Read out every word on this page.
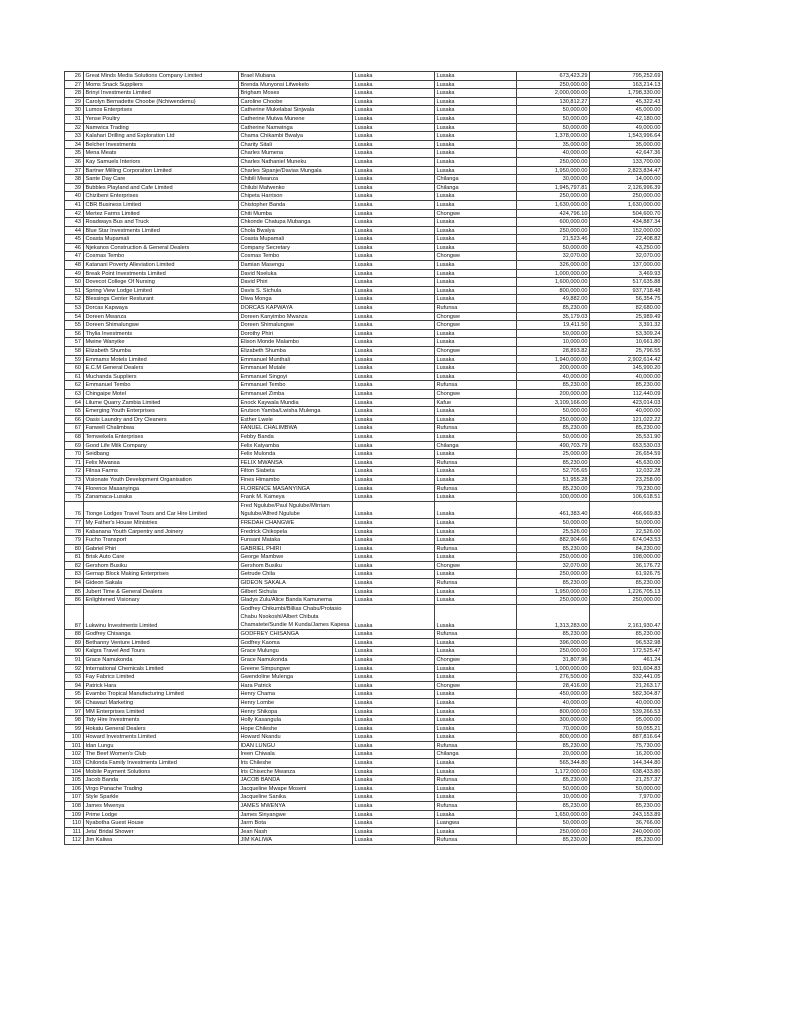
26	Great Minds Media Solutions Company Limited	Brael Mubana	Lusaka	Lusaka	673,423.29	795,252.69
27	Moms Snack Suppliers	Brenda Munyonsi Lifwekelo	Lusaka	Lusaka	250,000.00	163,214.13
28	Brinyi Investments Limited	Brigham Moses	Lusaka	Lusaka	2,000,000.00	1,798,330.00
29	Carolyn Bernadette Choobe (Nchiwendemu)	Caroline Choobe	Lusaka	Lusaka	130,812.27	45,322.43
30	Lumos Enterprises	Catherine Mukelabai Sinjwala	Lusaka	Lusaka	50,000.00	45,000.00
31	Yense Poultry	Catherine Mutwa Munene	Lusaka	Lusaka	50,000.00	42,180.00
32	Namwica Trading	Catherine Namwinga	Lusaka	Lusaka	50,000.00	49,000.00
33	Kalahari Drilling and Exploration Ltd	Chama Chikambi Bwalya	Lusaka	Lusaka	1,378,000.00	1,543,996.64
34	Belcher Investments	Charity Sitali	Lusaka	Lusaka	35,000.00	35,000.00
35	Mena Meats	Charles Mumena	Lusaka	Lusaka	40,000.00	42,647.36
36	Kay Samuels Interiors	Charles Nathaniel Muneku	Lusaka	Lusaka	250,000.00	133,700.00
37	Bartner Milling Corporation Limited	Charles Sipanje/Davias Mungala	Lusaka	Lusaka	1,950,000.00	2,823,834.47
38	Sante Day Care	Chibili Mwanza	Lusaka	Chilanga	30,000.00	14,000.00
39	Bubbles Playland and Cafe Limited	Chilubi Mafwenko	Lusaka	Chilanga	1,945,797.81	2,126,996.39
40	Chizibeni Enterprises	Chipeta Harrison	Lusaka	Lusaka	250,000.00	250,000.00
41	CBR Business Limited	Chistopher Banda	Lusaka	Lusaka	1,630,000.00	1,630,000.00
42	Mertez Farms Limited	Chiti Mumba	Lusaka	Chongwe	424,796.10	504,600.70
43	Roadways Bus and Truck	Chkonde Chatupa Mubanga	Lusaka	Lusaka	600,000.00	434,887.34
44	Blue Star Investments Limited	Chola Bwalya	Lusaka	Lusaka	250,000.00	152,000.00
45	Coasta Mupamali	Coasta Mupamali	Lusaka	Lusaka	21,523.46	22,408.82
46	Njekanos Construction & General Dealers	Company Secretary	Lusaka	Lusaka	50,000.00	43,250.00
47	Cosmas Tembo	Cosmas Tembo	Lusaka	Chongwe	32,070.00	32,070.00
48	Katanani Poverty Alleviation Limited	Damian Masengu	Lusaka	Lusaka	326,000.00	137,000.00
49	Break Point Investments Limited	David Nseluka	Lusaka	Lusaka	1,000,000.00	3,469.93
50	Dovecot College Of Nursing	David Phiri	Lusaka	Lusaka	1,600,000.00	517,635.88
51	Spring View Lodge Limited	Davis S. Sichula	Lusaka	Lusaka	800,000.00	937,718.48
52	Blessings Center Resturant	Diwa Monga	Lusaka	Lusaka	49,882.00	56,354.75
53	Dorcas Kapwaya	DORCAS KAPWAYA	Lusaka	Rufunsa	85,230.00	82,680.00
54	Doreen Mwanza	Doreen Kanyimbo Mwanza	Lusaka	Chongwe	35,179.03	25,989.49
55	Doreen Shimalungwe	Doreen Shimalungwe	Lusaka	Chongwe	19,411.50	3,391.32
56	Thylia Investments	Dorothy Phiri	Lusaka	Lusaka	50,000.00	53,309.24
57	Mwine Wanyike	Elison Monde Malambo	Lusaka	Lusaka	10,000.00	10,661.80
58	Elizabeth Shumba	Elizabeth Shumba	Lusaka	Chongwe	28,893.82	25,796.55
59	Emmams Motels Limited	Emmanuel Munthali	Lusaka	Lusaka	1,940,000.00	2,902,614.42
60	E.C.M General Dealers	Emmanuel Mutale	Lusaka	Lusaka	200,000.00	145,990.20
61	Muchanda Suppliers	Emmanuel Singoyi	Lusaka	Lusaka	40,000.00	40,000.00
62	Emmanuel Tembo	Emmanuel Tembo	Lusaka	Rufunsa	85,230.00	85,230.00
63	Chingaipe Motel	Emmanuel Zimba	Lusaka	Chongwe	200,000.00	112,440.09
64	Lilume Quarry Zambia Limited	Enock Kaywala Mundia	Lusaka	Kafue	3,109,166.00	423,014.03
65	Emerging Youth Enterprises	Erutson Yamba/Lwisha Mulenga	Lusaka	Lusaka	50,000.00	40,000.00
66	Oasis Laundry and Dry Cleaners	Esther Lwele	Lusaka	Lusaka	250,000.00	121,022.22
67	Fanwell Chalimbwa	FANUEL CHALIMBWA	Lusaka	Rufunsa	85,230.00	85,230.00
68	Temwekela Enterprises	Febby Banda	Lusaka	Lusaka	50,000.00	35,531.90
69	Good Life Milk Company	Felix Katyamba	Lusaka	Chilanga	490,703.79	653,530.03
70	Seidbang	Felix Mulonda	Lusaka	Lusaka	25,000.00	26,654.59
71	Felix Mwansa	FELIX MWANSA	Lusaka	Rufunsa	85,230.00	45,630.00
72	Filnsa Farms	Filton Siabeta	Lusaka	Lusaka	52,705.65	12,032.28
73	Visionate Youth Development Organisation	Fines Himambo	Lusaka	Lusaka	51,955.28	23,258.00
74	Florence Masanyinga	FLORENCE MASANYINGA	Lusaka	Rufunsa	85,230.00	79,230.00
75	Zanamaca-Lusaka	Frank M. Kameya	Lusaka	Lusaka	100,000.00	106,618.51
76	Tionge Lodges Travel Tours and Car Hire Limited	Fred Ngulube/Paul Ngulube/Mirriam Ngulube/Alfred Ngulube	Lusaka	Lusaka	461,383.40	466,669.83
77	My Father's House Ministries	FREDAH CHANGWE	Lusaka	Lusaka	50,000.00	50,000.00
78	Kabanana Youth Carpentry and Joinery	Fredrick Chikopela	Lusaka	Lusaka	25,526.00	22,526.00
79	Fucho Transport	Funsani Mataka	Lusaka	Lusaka	882,904.66	674,043.53
80	Gabriel Phiri	GABRIEL PHIRI	Lusaka	Rufunsa	85,230.00	84,230.00
81	Brisk Auto Care	George Mambwe	Lusaka	Lusaka	250,000.00	198,000.00
82	Gershom Busiku	Gershom Busiku	Lusaka	Chongwe	32,070.00	36,176.72
83	Gernap Block Making Enterprises	Getrude Chila	Lusaka	Lusaka	250,000.00	61,926.75
84	Gideon Sakala	GIDEON SAKALA	Lusaka	Rufunsa	85,230.00	85,230.00
85	Jubert Time & General Dealers	Gilbert Sichula	Lusaka	Lusaka	1,950,000.00	1,226,705.13
86	Enlightened Visionary	Gladys Zulu/Alice Banda Kamunema	Lusaka	Lusaka	250,000.00	250,000.00
87	Lukwinu Investments Limited	Godfrey Chikumbi/Billias Chabu/Protasio Chabu Nsokoshi/Albert Chibuta Chamatete/Sundie M Kunda/James Kapesa	Lusaka	Lusaka	1,313,283.00	2,161,930.47
88	Godfrey Chisanga	GODFREY CHISANGA	Lusaka	Rufunsa	85,230.00	85,230.00
89	Bethanny Venture Limited	Godfrey Kaoma	Lusaka	Lusaka	396,000.00	96,532.98
90	Kalgra Travel And Tours	Grace Mulungu	Lusaka	Lusaka	250,000.00	172,525.47
91	Grace Namukonda	Grace Namukonda	Lusaka	Chongwe	31,807.96	461.24
92	International Chemicals Limited	Greene Simpungwe	Lusaka	Lusaka	1,000,000.00	931,604.83
93	Fay Fabrics Limited	Gwendoline Mulenga	Lusaka	Lusaka	276,500.00	332,441.05
94	Patrick Hara	Hara Patrick	Lusaka	Chongwe	28,416.00	21,263.17
95	Evambo Tropical Manufacturing Limited	Henry Chama	Lusaka	Lusaka	450,000.00	582,304.87
96	Chawazi Marketing	Henry Lombe	Lusaka	Lusaka	40,000.00	40,000.00
97	MM Enterprises Limited	Henry Shikopa	Lusaka	Lusaka	800,000.00	539,266.53
98	Tidy Hire Investments	Holly Kasangula	Lusaka	Lusaka	300,000.00	95,000.00
99	Hokatu General Dealers	Hope Chileshe	Lusaka	Lusaka	70,000.00	59,055.21
100	Howard Investments Limited	Howard Nkandu	Lusaka	Lusaka	800,000.00	887,816.64
101	Idan Lungu	IDAN LUNGU	Lusaka	Rufunsa	85,230.00	75,730.00
102	The Beef Women's Club	Ireen Chiwala	Lusaka	Chilanga	20,000.00	16,200.00
103	Chilonda Family Investments Limited	Iris Chileshe	Lusaka	Lusaka	565,344.80	144,344.80
104	Mobile Payment Solutions	Iris Chiseche Mwanza	Lusaka	Lusaka	1,172,000.00	638,433.80
105	Jacob Banda	JACOB BANDA	Lusaka	Rufunsa	85,230.00	21,257.37
106	Virgo Panache Trading	Jacqueline Mwape Moseni	Lusaka	Lusaka	50,000.00	50,000.00
107	Style Sparkle	Jacqueline Sanika	Lusaka	Lusaka	10,000.00	7,970.00
108	James Mwenya	JAMES MWENYA	Lusaka	Rufunsa	85,230.00	85,230.00
109	Prime Lodge	James Sinyangwe	Lusaka	Lusaka	1,650,000.00	243,153.89
110	Nyabotha Guest House	Jarm Bota	Lusaka	Luangwa	50,000.00	36,766.00
111	Jeta' Bridal Shower	Jean Nash	Lusaka	Lusaka	250,000.00	240,000.00
112	Jim Kaliwa	JIM KALIWA	Lusaka	Rufunsa	85,230.00	85,230.00
